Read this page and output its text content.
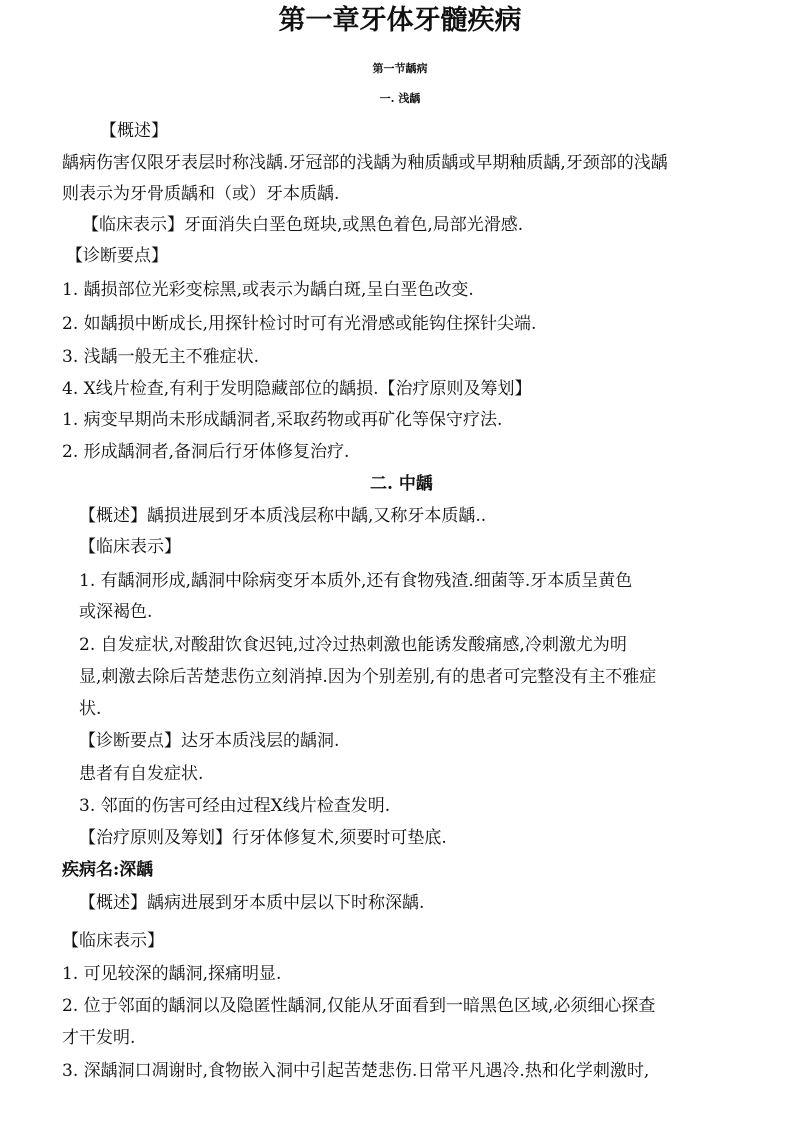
第一章牙体牙髓疾病
第一节龋病
一. 浅龋
【概述】
龋病伤害仅限牙表层时称浅龋.牙冠部的浅龋为釉质龋或早期釉质龋,牙颈部的浅龋
则表示为牙骨质龋和（或）牙本质龋.
【临床表示】牙面消失白垩色斑块,或黑色着色,局部光滑感.
【诊断要点】
1. 龋损部位光彩变棕黑,或表示为龋白斑,呈白垩色改变.
2. 如龋损中断成长,用探针检讨时可有光滑感或能钩住探针尖端.
3. 浅龋一般无主不雅症状.
4. X线片检查,有利于发明隐藏部位的龋损.【治疗原则及筹划】
1. 病变早期尚未形成龋洞者,采取药物或再矿化等保守疗法.
2. 形成龋洞者,备洞后行牙体修复治疗.
二. 中龋
【概述】龋损进展到牙本质浅层称中龋,又称牙本质龋..
【临床表示】
1. 有龋洞形成,龋洞中除病变牙本质外,还有食物残渣.细菌等.牙本质呈黄色
或深褐色.
2. 自发症状,对酸甜饮食迟钝,过冷过热刺激也能诱发酸痛感,冷刺激尤为明
显,刺激去除后苦楚悲伤立刻消掉.因为个别差别,有的患者可完整没有主不雅症
状.
【诊断要点】达牙本质浅层的龋洞.
患者有自发症状.
3. 邻面的伤害可经由过程X线片检查发明.
【治疗原则及筹划】行牙体修复术,须要时可垫底.
疾病名:深龋
【概述】龋病进展到牙本质中层以下时称深龋.
【临床表示】
1. 可见较深的龋洞,探痛明显.
2. 位于邻面的龋洞以及隐匿性龋洞,仅能从牙面看到一暗黑色区域,必须细心探查
才干发明.
3. 深龋洞口凋谢时,食物嵌入洞中引起苦楚悲伤.日常平凡遇冷.热和化学刺激时,
